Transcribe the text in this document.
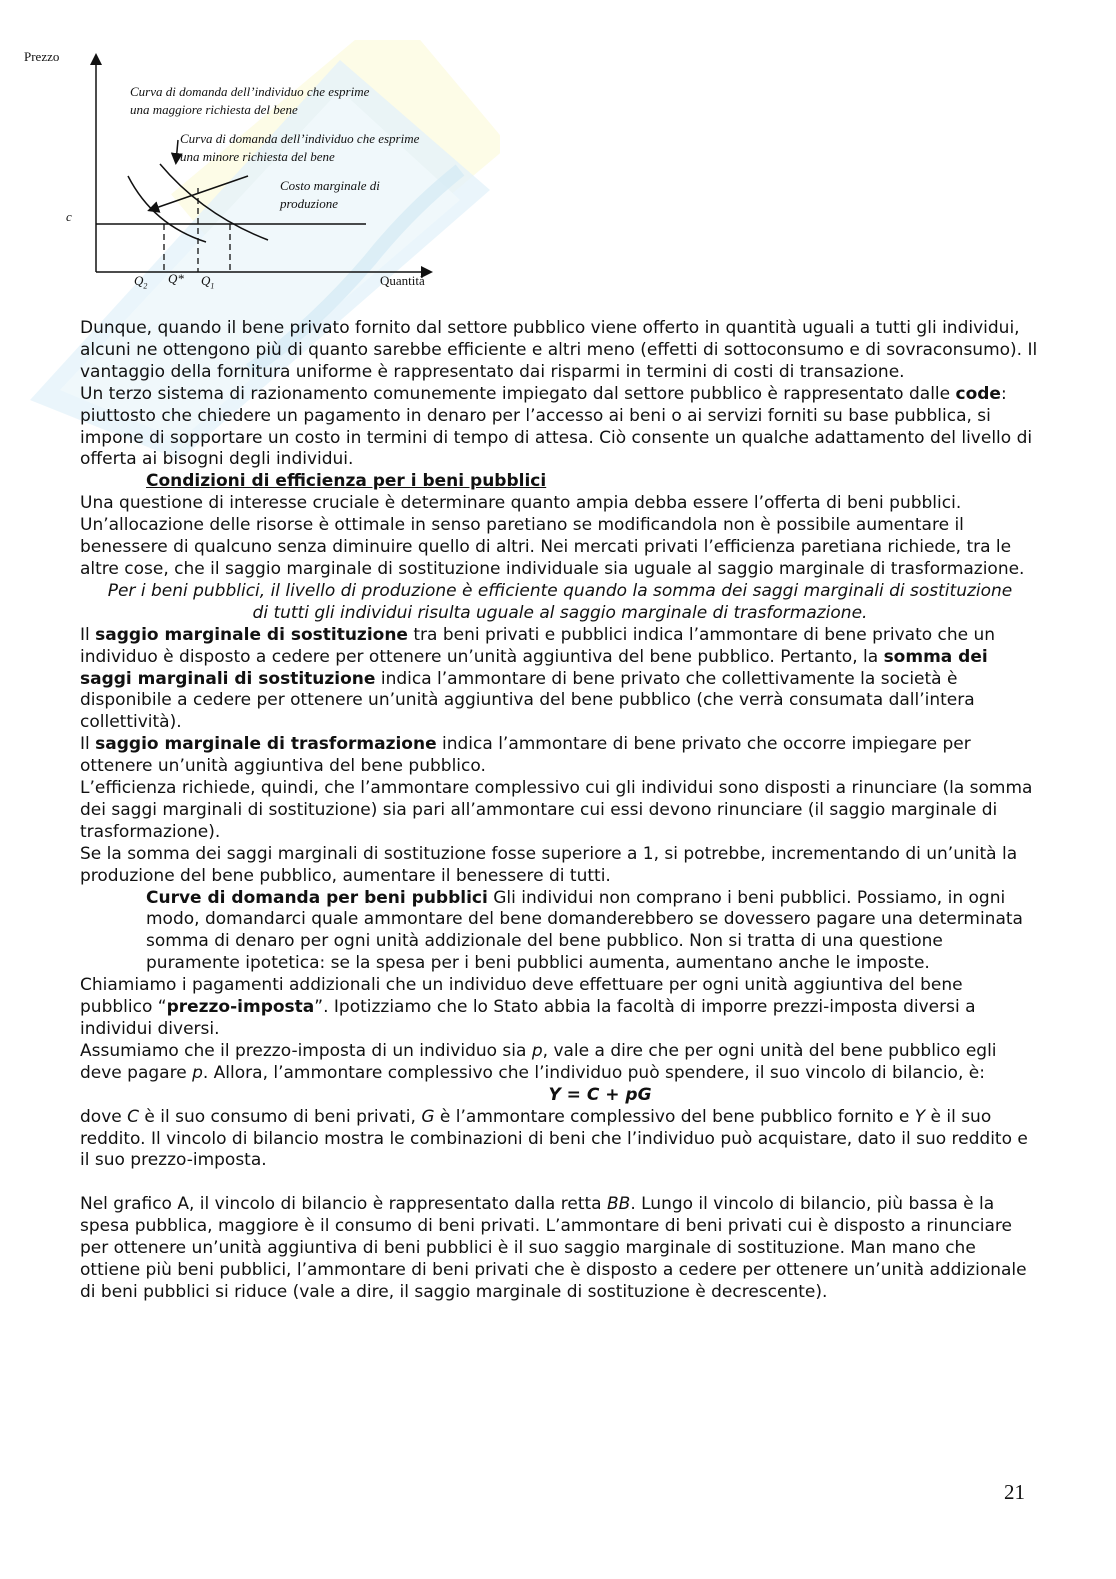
Prezzo
Quantità
c
$Q_2$
Q* $Q_1$
Curva di domanda dell’individuo che esprime
una maggiore richiesta del bene
Curva di domanda dell’individuo che esprime
una minore richiesta del bene
Costo marginale di
produzione

Dunque, quando il bene privato fornito dal settore pubblico viene offerto in quantità uguali a tutti gli individui, alcuni ne ottengono più di quanto sarebbe efficiente e altri meno (effetti di sottoconsumo e di sovraconsumo). Il vantaggio della fornitura uniforme è rappresentato dai risparmi in termini di costi di transazione.

Un terzo sistema di razionamento comunemente impiegato dal settore pubblico è rappresentato dalle code: piuttosto che chiedere un pagamento in denaro per l’accesso ai beni o ai servizi forniti su base pubblica, si impone di sopportare un costo in termini di tempo di attesa. Ciò consente un qualche adattamento del livello di offerta ai bisogni degli individui.

Condizioni di efficienza per i beni pubblici

Una questione di interesse cruciale è determinare quanto ampia debba essere l’offerta di beni pubblici.

Un’allocazione delle risorse è ottimale in senso paretiano se modificandola non è possibile aumentare il benessere di qualcuno senza diminuire quello di altri. Nei mercati privati l’efficienza paretiana richiede, tra le altre cose, che il saggio marginale di sostituzione individuale sia uguale al saggio marginale di trasformazione.

Per i beni pubblici, il livello di produzione è efficiente quando la somma dei saggi marginali di sostituzione di tutti gli individui risulta uguale al saggio marginale di trasformazione.

Il saggio marginale di sostituzione tra beni privati e pubblici indica l’ammontare di bene privato che un individuo è disposto a cedere per ottenere un’unità aggiuntiva del bene pubblico. Pertanto, la somma dei saggi marginali di sostituzione indica l’ammontare di bene privato che collettivamente la società è disponibile a cedere per ottenere un’unità aggiuntiva del bene pubblico (che verrà consumata dall’intera collettività).

Il saggio marginale di trasformazione indica l’ammontare di bene privato che occorre impiegare per ottenere un’unità aggiuntiva del bene pubblico.

L’efficienza richiede, quindi, che l’ammontare complessivo cui gli individui sono disposti a rinunciare (la somma dei saggi marginali di sostituzione) sia pari all’ammontare cui essi devono rinunciare (il saggio marginale di trasformazione).

Se la somma dei saggi marginali di sostituzione fosse superiore a 1, si potrebbe, incrementando di un’unità la produzione del bene pubblico, aumentare il benessere di tutti.

Curve di domanda per beni pubblici Gli individui non comprano i beni pubblici. Possiamo, in ogni modo, domandarci quale ammontare del bene domanderebbero se dovessero pagare una determinata somma di denaro per ogni unità addizionale del bene pubblico. Non si tratta di una questione puramente ipotetica: se la spesa per i beni pubblici aumenta, aumentano anche le imposte.

Chiamiamo i pagamenti addizionali che un individuo deve effettuare per ogni unità aggiuntiva del bene pubblico “prezzo-imposta”. Ipotizziamo che lo Stato abbia la facoltà di imporre prezzi-imposta diversi a individui diversi.

Assumiamo che il prezzo-imposta di un individuo sia p, vale a dire che per ogni unità del bene pubblico egli deve pagare p. Allora, l’ammontare complessivo che l’individuo può spendere, il suo vincolo di bilancio, è:

Y = C + pG

dove C è il suo consumo di beni privati, G è l’ammontare complessivo del bene pubblico fornito e Y è il suo reddito. Il vincolo di bilancio mostra le combinazioni di beni che l’individuo può acquistare, dato il suo reddito e il suo prezzo-imposta.

Nel grafico A, il vincolo di bilancio è rappresentato dalla retta BB. Lungo il vincolo di bilancio, più bassa è la spesa pubblica, maggiore è il consumo di beni privati. L’ammontare di beni privati cui è disposto a rinunciare per ottenere un’unità aggiuntiva di beni pubblici è il suo saggio marginale di sostituzione. Man mano che ottiene più beni pubblici, l’ammontare di beni privati che è disposto a cedere per ottenere un’unità addizionale di beni pubblici si riduce (vale a dire, il saggio marginale di sostituzione è decrescente).

21
